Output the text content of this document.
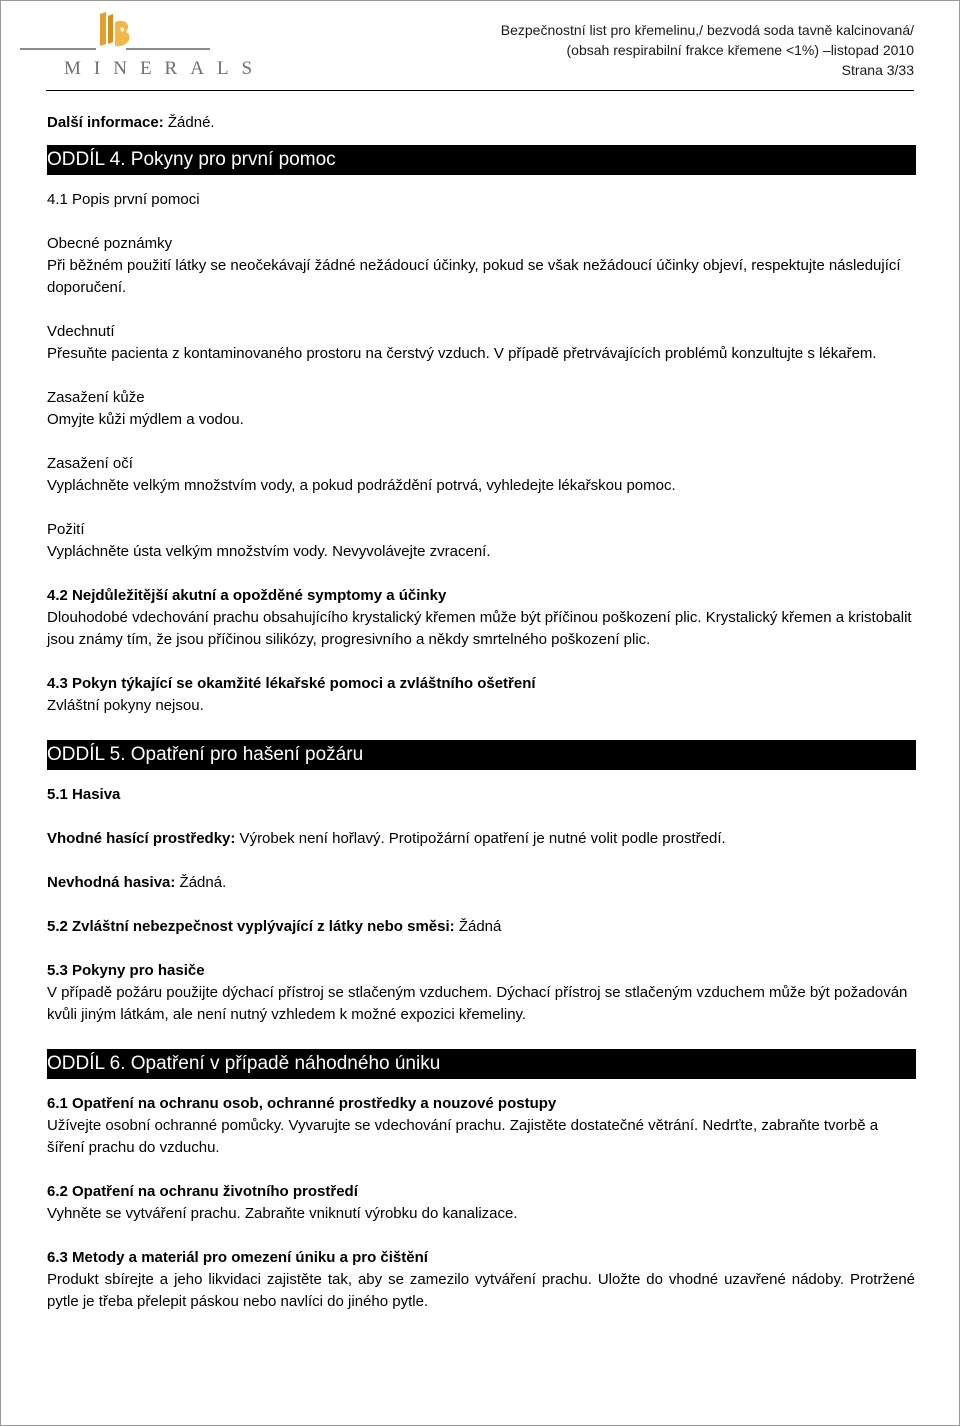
MINERALS
Bezpečnostní list pro křemelinu,/ bezvodá soda tavně kalcinovaná/
(obsah respirabilní frakce křemene <1%) –listopad 2010
Strana 3/33

Další informace: Žádné.

ODDÍL 4. Pokyny pro první pomoc

4.1 Popis první pomoci

Obecné poznámky

Při běžném použití látky se neočekávají žádné nežádoucí účinky, pokud se však nežádoucí účinky objeví, respektujte následující doporučení.

Vdechnutí

Přesuňte pacienta z kontaminovaného prostoru na čerstvý vzduch. V případě přetrvávajících problémů konzultujte s lékařem.

Zasažení kůže

Omyjte kůži mýdlem a vodou.

Zasažení očí

Vypláchněte velkým množstvím vody, a pokud podráždění potrvá, vyhledejte lékařskou pomoc.

Požití

Vypláchněte ústa velkým množstvím vody. Nevyvolávejte zvracení.

4.2 Nejdůležitější akutní a opožděné symptomy a účinky

Dlouhodobé vdechování prachu obsahujícího krystalický křemen může být příčinou poškození plic. Krystalický křemen a kristobalit jsou známy tím, že jsou příčinou silikózy, progresivního a někdy smrtelného poškození plic.

4.3 Pokyn týkající se okamžité lékařské pomoci a zvláštního ošetření

Zvláštní pokyny nejsou.

ODDÍL 5. Opatření pro hašení požáru

5.1 Hasiva

Vhodné hasící prostředky: Výrobek není hořlavý. Protipožární opatření je nutné volit podle prostředí.

Nevhodná hasiva: Žádná.

5.2 Zvláštní nebezpečnost vyplývající z látky nebo směsi: Žádná

5.3 Pokyny pro hasiče

V případě požáru použijte dýchací přístroj se stlačeným vzduchem. Dýchací přístroj se stlačeným vzduchem může být požadován kvůli jiným látkám, ale není nutný vzhledem k možné expozici křemeliny.

ODDÍL 6. Opatření v případě náhodného úniku

6.1 Opatření na ochranu osob, ochranné prostředky a nouzové postupy

Užívejte osobní ochranné pomůcky. Vyvarujte se vdechování prachu. Zajistěte dostatečné větrání. Nedrťte, zabraňte tvorbě a šíření prachu do vzduchu.

6.2 Opatření na ochranu životního prostředí

Vyhněte se vytváření prachu. Zabraňte vniknutí výrobku do kanalizace.

6.3 Metody a materiál pro omezení úniku a pro čištění

Produkt sbírejte a jeho likvidaci zajistěte tak, aby se zamezilo vytváření prachu. Uložte do vhodné uzavřené nádoby. Protržené pytle je třeba přelepit páskou nebo navlíci do jiného pytle.
